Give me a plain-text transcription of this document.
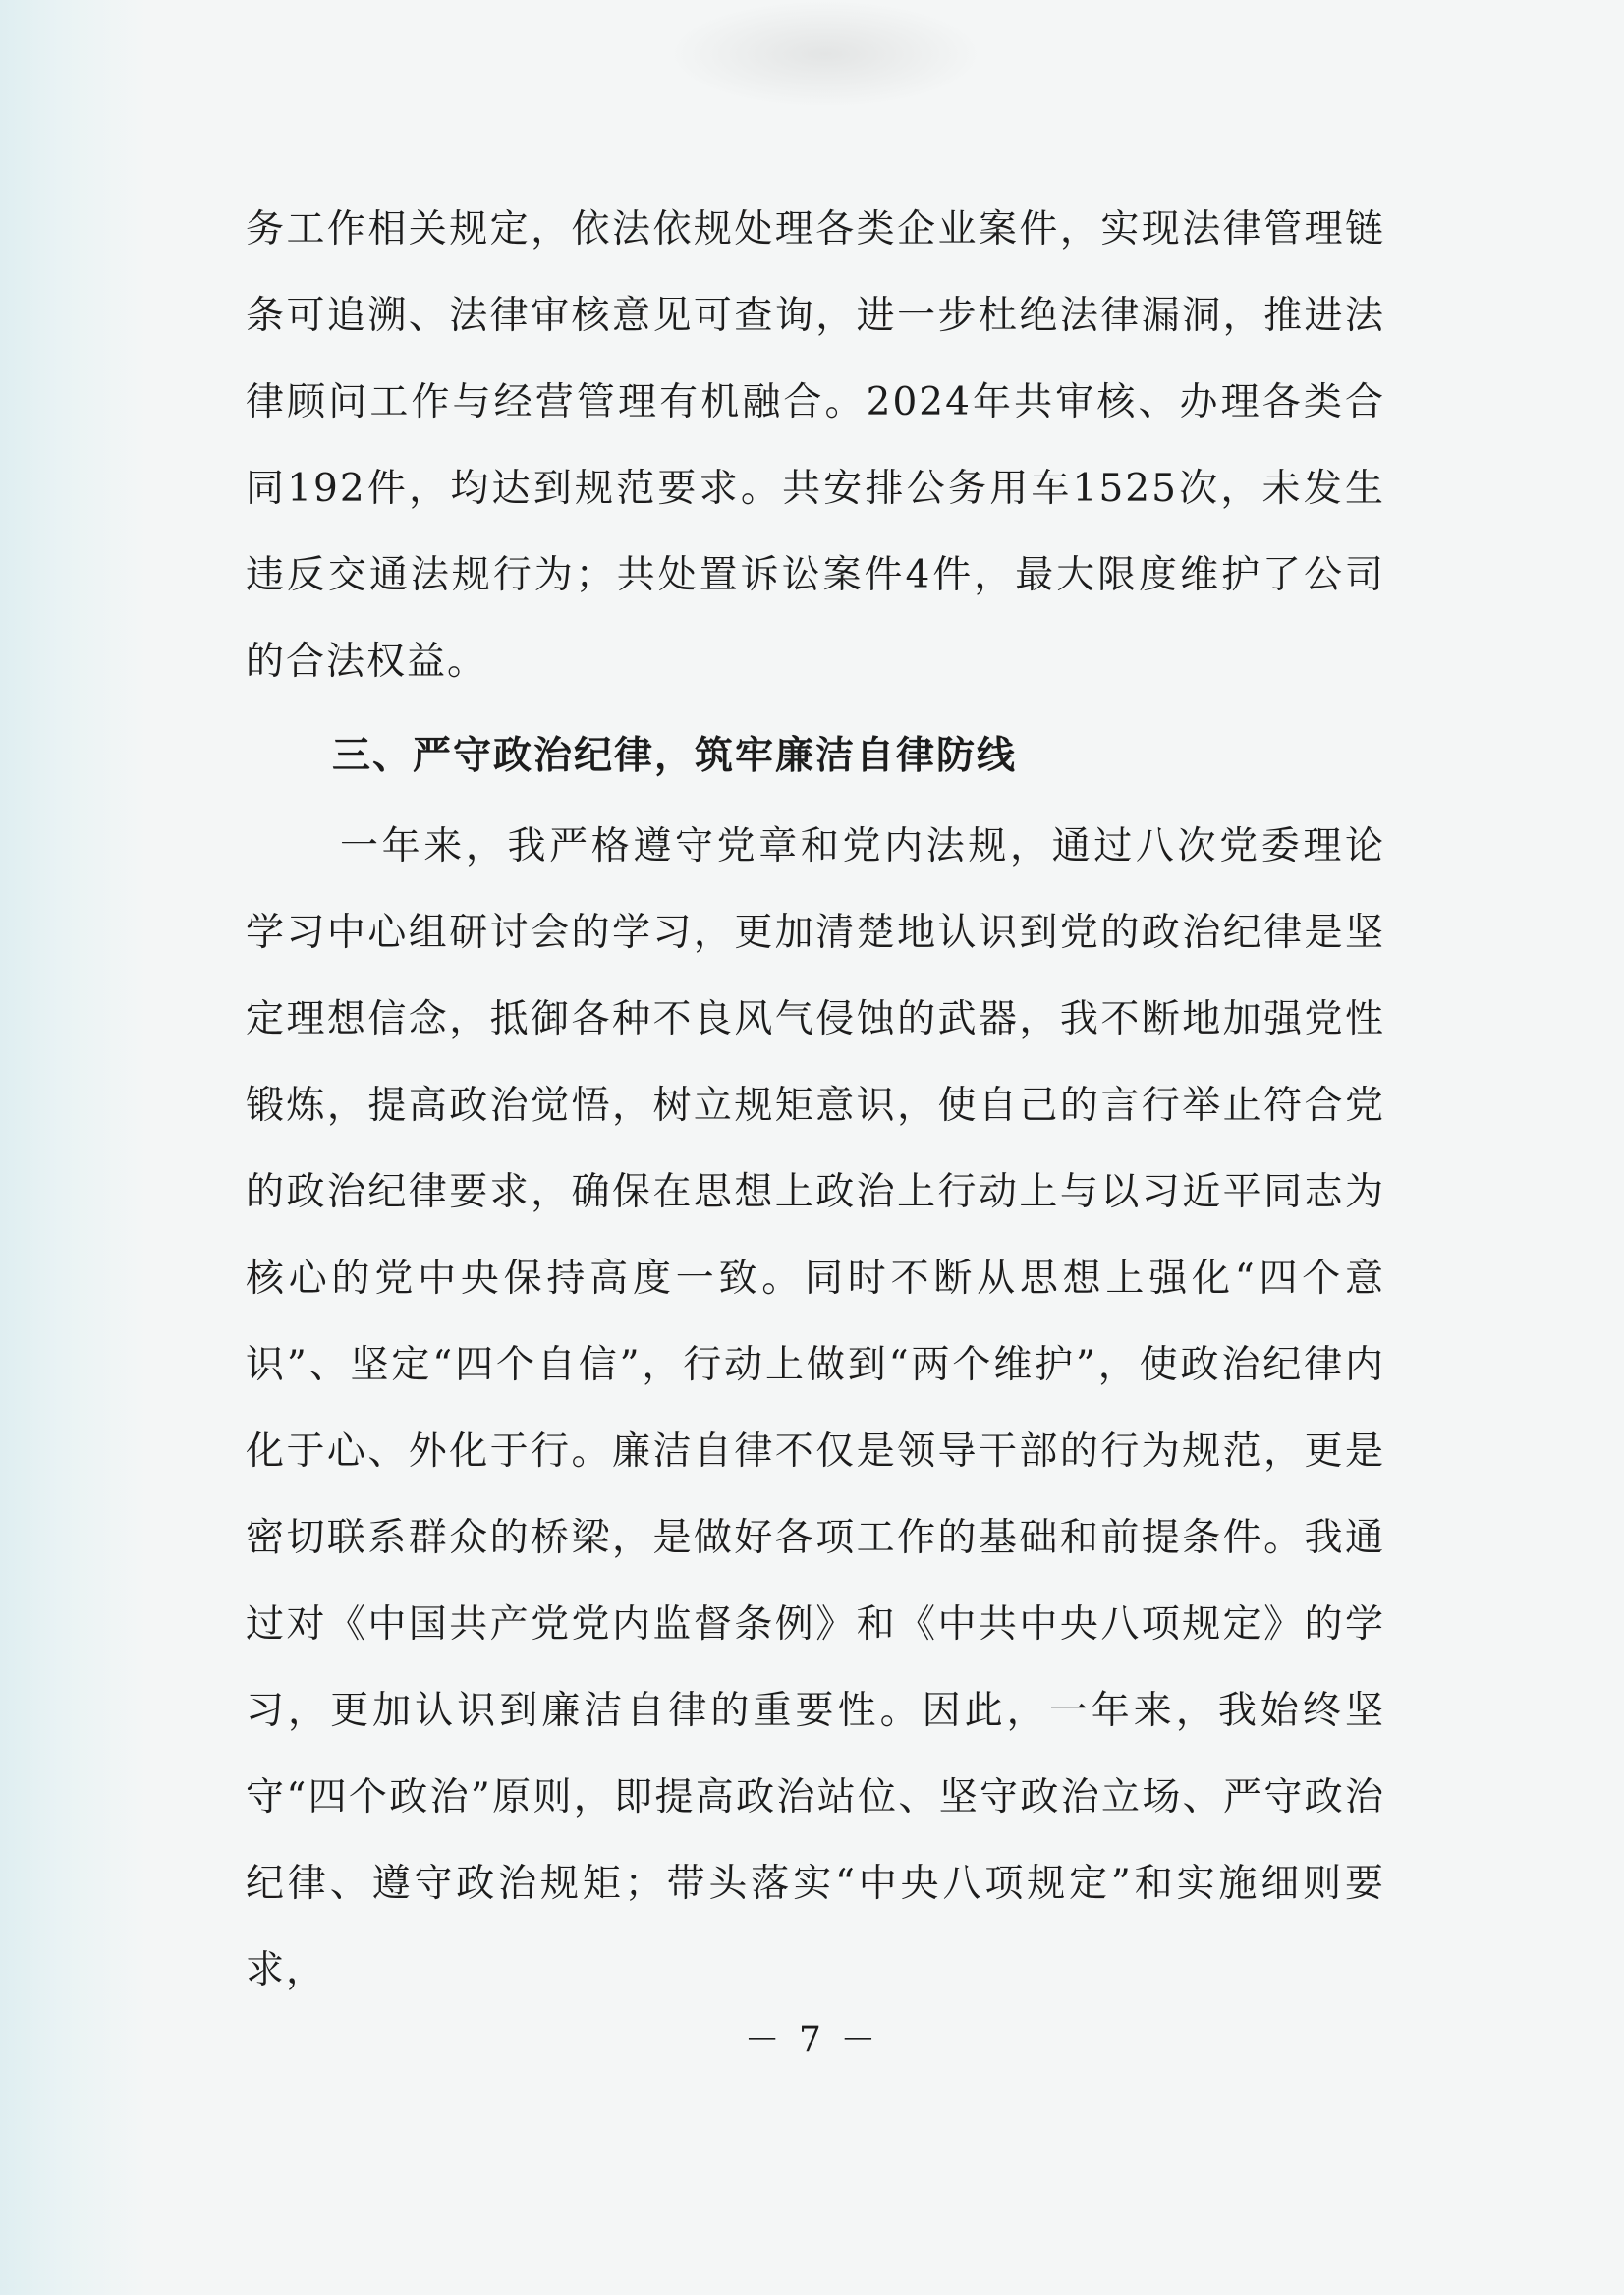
务工作相关规定，依法依规处理各类企业案件，实现法律管理链条可追溯、法律审核意见可查询，进一步杜绝法律漏洞，推进法律顾问工作与经营管理有机融合。2024年共审核、办理各类合同192件，均达到规范要求。共安排公务用车1525次，未发生违反交通法规行为；共处置诉讼案件4件，最大限度维护了公司的合法权益。

三、严守政治纪律，筑牢廉洁自律防线

一年来，我严格遵守党章和党内法规，通过八次党委理论学习中心组研讨会的学习，更加清楚地认识到党的政治纪律是坚定理想信念，抵御各种不良风气侵蚀的武器，我不断地加强党性锻炼，提高政治觉悟，树立规矩意识，使自己的言行举止符合党的政治纪律要求，确保在思想上政治上行动上与以习近平同志为核心的党中央保持高度一致。同时不断从思想上强化“四个意识”、坚定“四个自信”，行动上做到“两个维护”，使政治纪律内化于心、外化于行。廉洁自律不仅是领导干部的行为规范，更是密切联系群众的桥梁，是做好各项工作的基础和前提条件。我通过对《中国共产党党内监督条例》和《中共中央八项规定》的学习，更加认识到廉洁自律的重要性。因此，一年来，我始终坚守“四个政治”原则，即提高政治站位、坚守政治立场、严守政治纪律、遵守政治规矩；带头落实“中央八项规定”和实施细则要求，

－ 7 －
